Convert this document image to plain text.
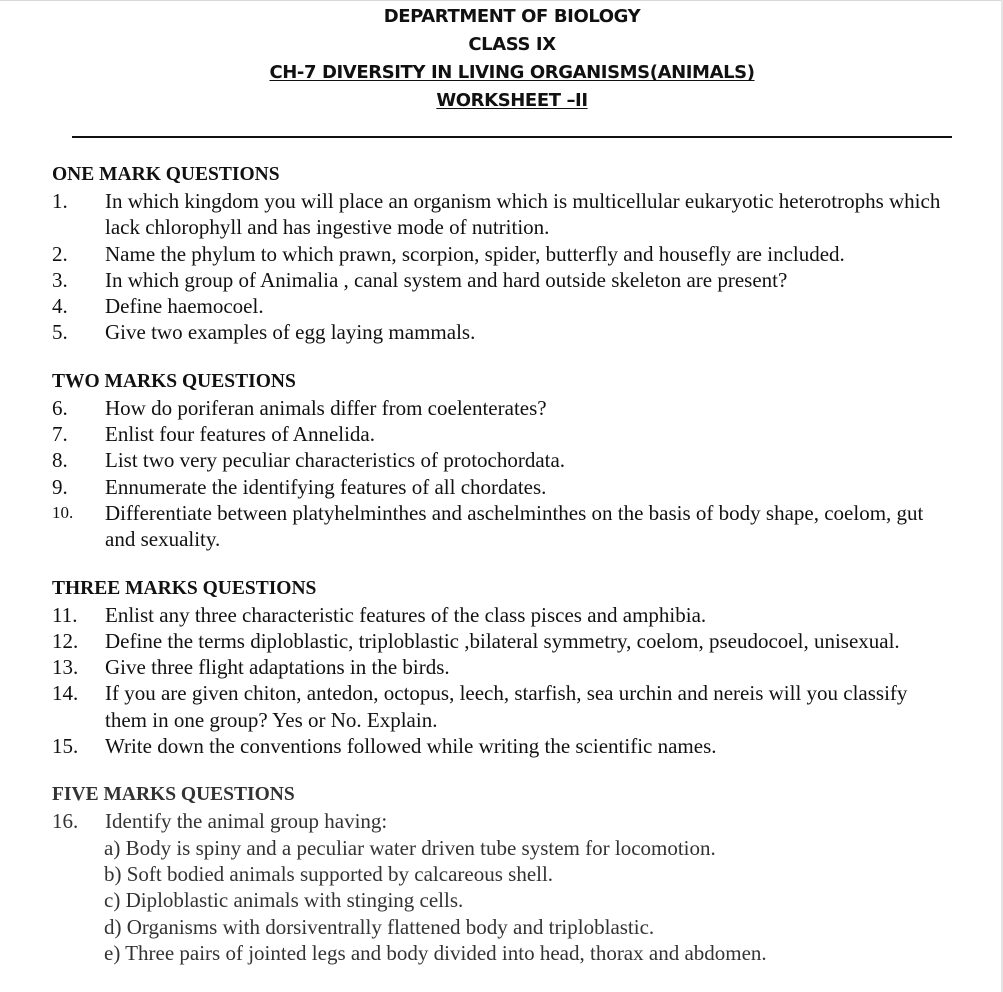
DEPARTMENT OF BIOLOGY
CLASS IX
CH-7 DIVERSITY IN LIVING ORGANISMS(ANIMALS)
WORKSHEET –II
ONE MARK QUESTIONS
1.	In which kingdom you will place an organism which is multicellular eukaryotic heterotrophs which lack chlorophyll and has ingestive mode of nutrition.
2.	Name the phylum to which prawn, scorpion, spider, butterfly and housefly are included.
3.	In which group of Animalia , canal system and hard outside skeleton are present?
4.	Define haemocoel.
5.	Give two examples of egg laying mammals.
TWO MARKS QUESTIONS
6.	How do poriferan animals differ from coelenterates?
7.	Enlist four features of Annelida.
8.	List two very peculiar characteristics of protochordata.
9.	Ennumerate the identifying features of all chordates.
10.	Differentiate between platyhelminthes and aschelminthes on the basis of body shape, coelom, gut and sexuality.
THREE MARKS QUESTIONS
11.	Enlist any three characteristic features of the class pisces and amphibia.
12.	Define the terms diploblastic, triploblastic ,bilateral symmetry, coelom, pseudocoel, unisexual.
13.	Give three flight adaptations in the birds.
14.	If you are given chiton, antedon, octopus, leech, starfish, sea urchin and nereis will you classify them in one group? Yes or No. Explain.
15.	Write down the conventions followed while writing the scientific names.
FIVE MARKS QUESTIONS
16.	Identify the animal group having:
a) Body is spiny and a peculiar water driven tube system for locomotion.
b) Soft bodied animals supported by calcareous shell.
c) Diploblastic animals with stinging cells.
d) Organisms with dorsiventrally flattened body and triploblastic.
e) Three pairs of jointed legs and body divided into head, thorax and abdomen.
